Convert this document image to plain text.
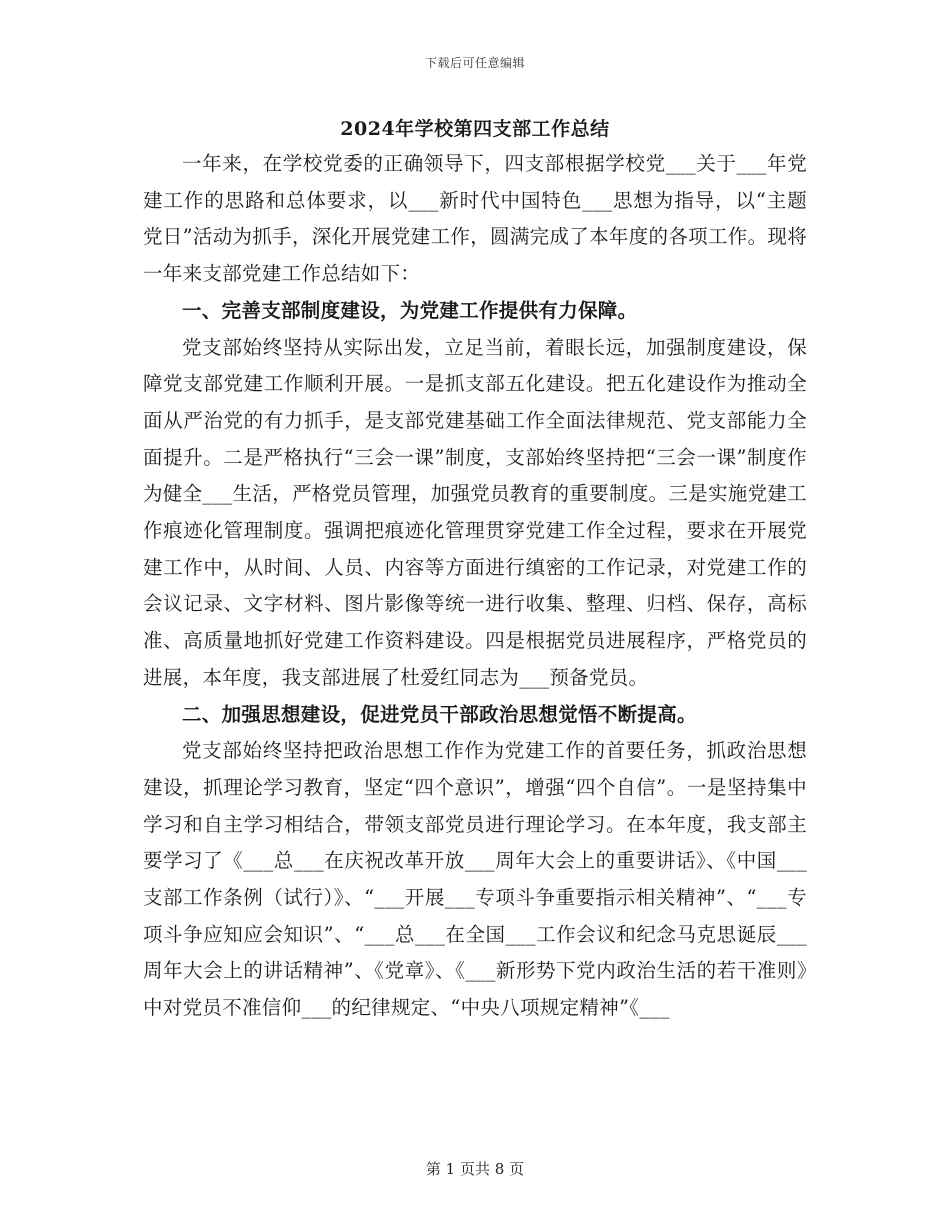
下载后可任意编辑
2024年学校第四支部工作总结

一年来，在学校党委的正确领导下，四支部根据学校党___关于___年党建工作的思路和总体要求，以___新时代中国特色___思想为指导，以“主题党日”活动为抓手，深化开展党建工作，圆满完成了本年度的各项工作。现将一年来支部党建工作总结如下：

一、完善支部制度建设，为党建工作提供有力保障。

党支部始终坚持从实际出发，立足当前，着眼长远，加强制度建设，保障党支部党建工作顺利开展。一是抓支部五化建设。把五化建设作为推动全面从严治党的有力抓手，是支部党建基础工作全面法律规范、党支部能力全面提升。二是严格执行“三会一课”制度，支部始终坚持把“三会一课”制度作为健全___生活，严格党员管理，加强党员教育的重要制度。三是实施党建工作痕迹化管理制度。强调把痕迹化管理贯穿党建工作全过程，要求在开展党建工作中，从时间、人员、内容等方面进行缜密的工作记录，对党建工作的会议记录、文字材料、图片影像等统一进行收集、整理、归档、保存，高标准、高质量地抓好党建工作资料建设。四是根据党员进展程序，严格党员的进展，本年度，我支部进展了杜爱红同志为___预备党员。

二、加强思想建设，促进党员干部政治思想觉悟不断提高。

党支部始终坚持把政治思想工作作为党建工作的首要任务，抓政治思想建设，抓理论学习教育，坚定“四个意识”，增强“四个自信”。一是坚持集中学习和自主学习相结合，带领支部党员进行理论学习。在本年度，我支部主要学习了《___总___在庆祝改革开放___周年大会上的重要讲话》、《中国___支部工作条例（试行）》、“___开展___专项斗争重要指示相关精神”、“___专项斗争应知应会知识”、“___总___在全国___工作会议和纪念马克思诞辰___周年大会上的讲话精神”、《党章》、《___新形势下党内政治生活的若干准则》中对党员不准信仰___的纪律规定、“中央八项规定精神”《___

第 1 页共 8 页
